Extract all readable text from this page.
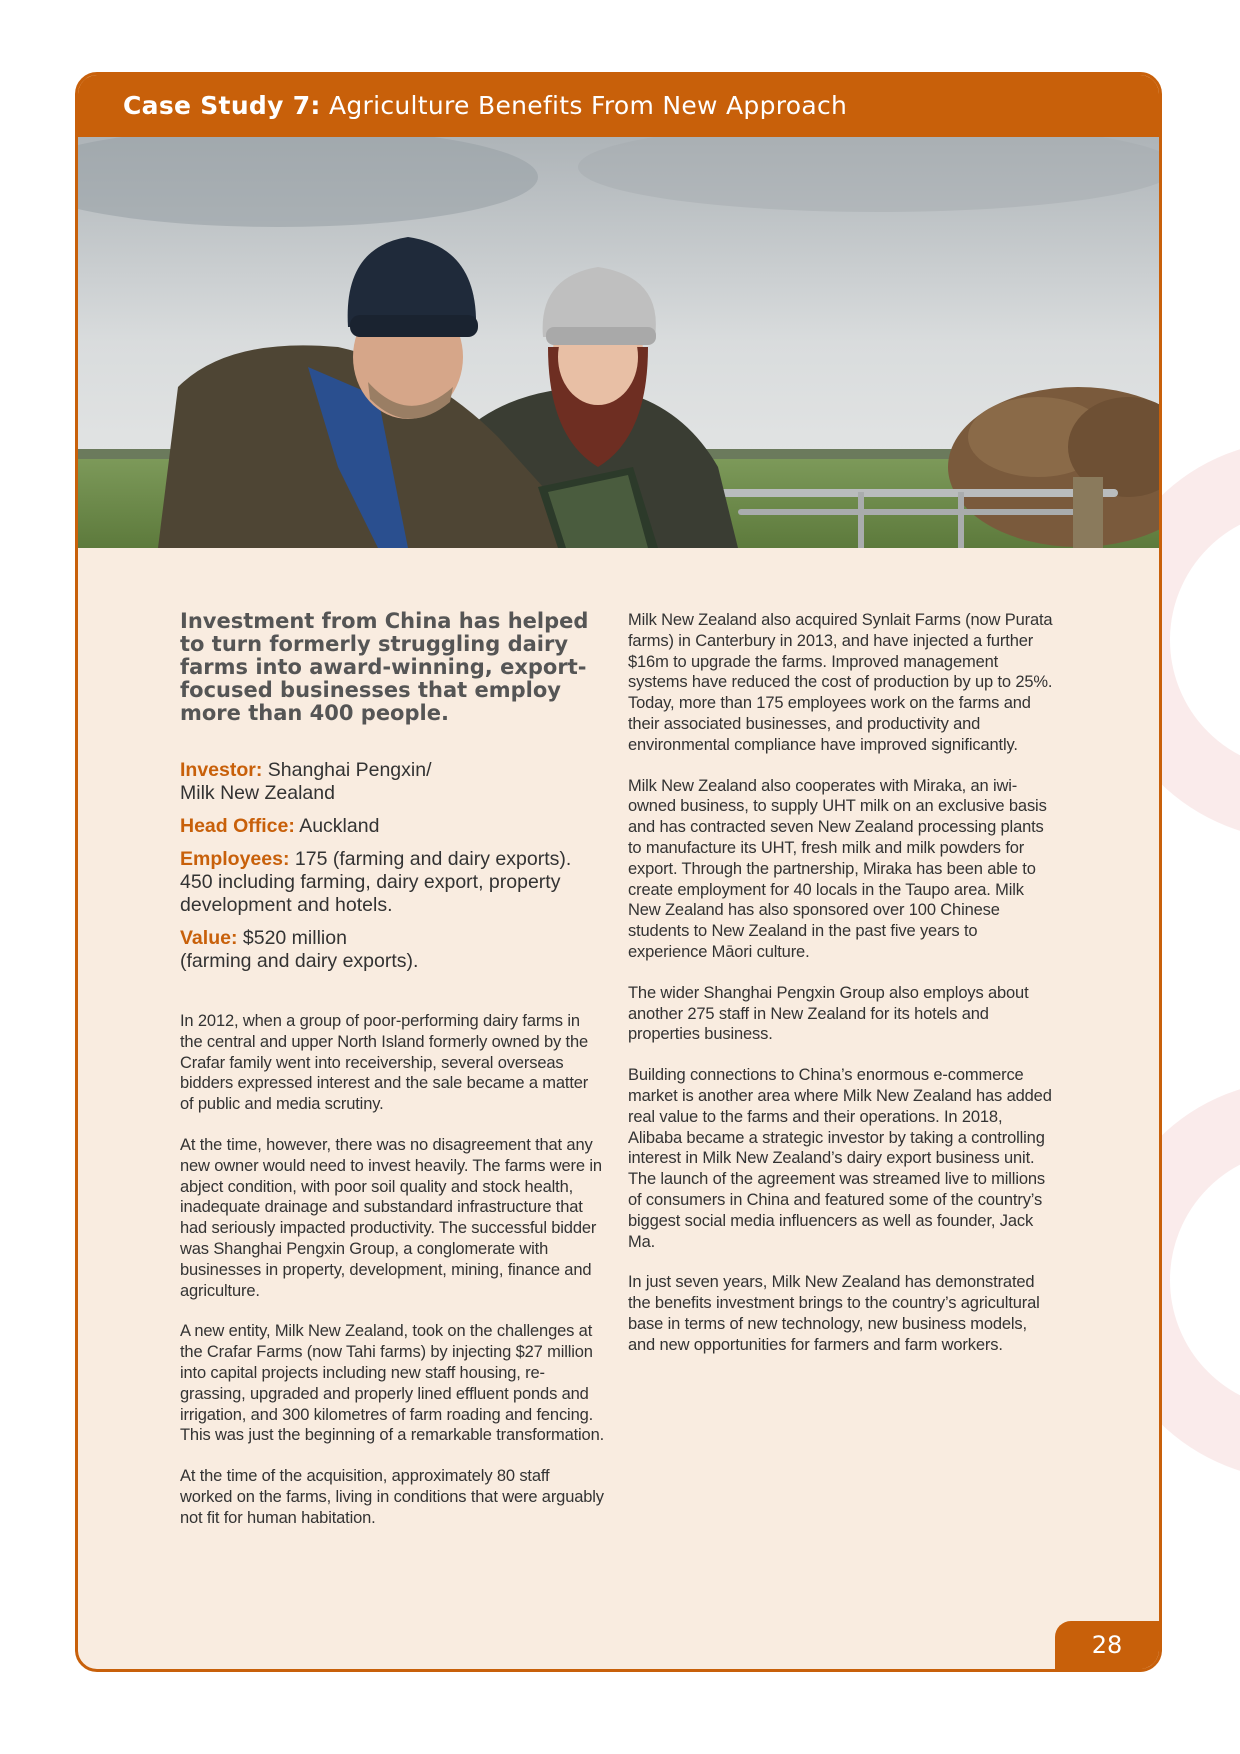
Case Study 7: Agriculture Benefits From New Approach

Investment from China has helped to turn formerly struggling dairy farms into award-winning, export-focused businesses that employ more than 400 people.

Investor: Shanghai Pengxin/
Milk New Zealand

Head Office: Auckland

Employees: 175 (farming and dairy exports). 450 including farming, dairy export, property development and hotels.

Value: $520 million
(farming and dairy exports).

In 2012, when a group of poor-performing dairy farms in the central and upper North Island formerly owned by the Crafar family went into receivership, several overseas bidders expressed interest and the sale became a matter of public and media scrutiny.

At the time, however, there was no disagreement that any new owner would need to invest heavily. The farms were in abject condition, with poor soil quality and stock health, inadequate drainage and substandard infrastructure that had seriously impacted productivity. The successful bidder was Shanghai Pengxin Group, a conglomerate with businesses in property, development, mining, finance and agriculture.

A new entity, Milk New Zealand, took on the challenges at the Crafar Farms (now Tahi farms) by injecting $27 million into capital projects including new staff housing, re-grassing, upgraded and properly lined effluent ponds and irrigation, and 300 kilometres of farm roading and fencing. This was just the beginning of a remarkable transformation.

At the time of the acquisition, approximately 80 staff worked on the farms, living in conditions that were arguably not fit for human habitation.

Milk New Zealand also acquired Synlait Farms (now Purata farms) in Canterbury in 2013, and have injected a further $16m to upgrade the farms. Improved management systems have reduced the cost of production by up to 25%. Today, more than 175 employees work on the farms and their associated businesses, and productivity and environmental compliance have improved significantly.

Milk New Zealand also cooperates with Miraka, an iwi-owned business, to supply UHT milk on an exclusive basis and has contracted seven New Zealand processing plants to manufacture its UHT, fresh milk and milk powders for export. Through the partnership, Miraka has been able to create employment for 40 locals in the Taupo area. Milk New Zealand has also sponsored over 100 Chinese students to New Zealand in the past five years to experience Māori culture.

The wider Shanghai Pengxin Group also employs about another 275 staff in New Zealand for its hotels and properties business.

Building connections to China’s enormous e-commerce market is another area where Milk New Zealand has added real value to the farms and their operations. In 2018, Alibaba became a strategic investor by taking a controlling interest in Milk New Zealand’s dairy export business unit. The launch of the agreement was streamed live to millions of consumers in China and featured some of the country’s biggest social media influencers as well as founder, Jack Ma.

In just seven years, Milk New Zealand has demonstrated the benefits investment brings to the country’s agricultural base in terms of new technology, new business models, and new opportunities for farmers and farm workers.

28
